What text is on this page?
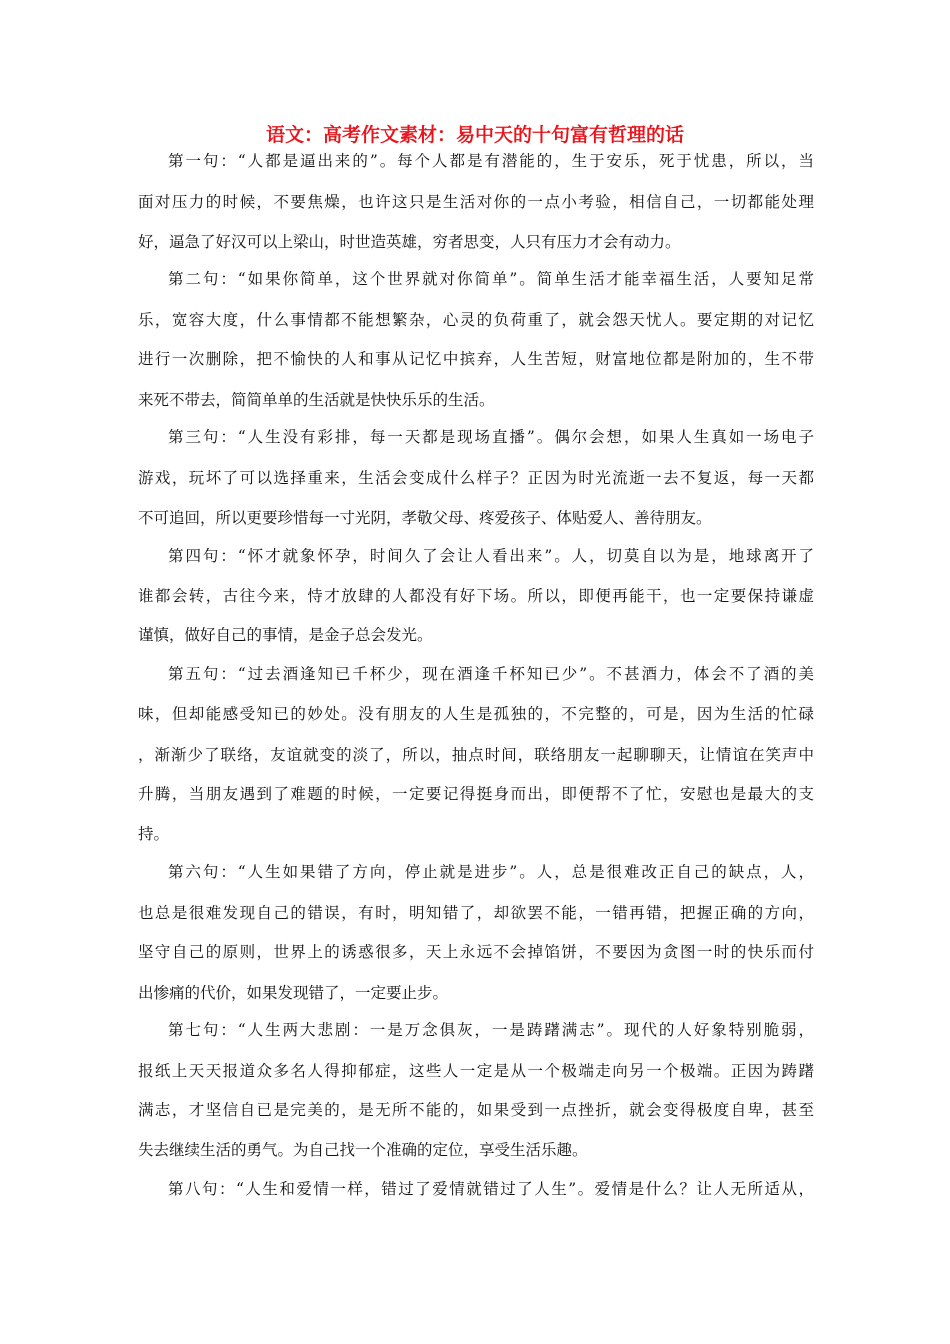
语文：高考作文素材：易中天的十句富有哲理的话
第一句：“人都是逼出来的”。每个人都是有潜能的，生于安乐，死于忧患，所以，当
面对压力的时候，不要焦燥，也许这只是生活对你的一点小考验，相信自己，一切都能处理
好，逼急了好汉可以上梁山，时世造英雄，穷者思变，人只有压力才会有动力。
第二句：“如果你简单，这个世界就对你简单”。简单生活才能幸福生活，人要知足常
乐，宽容大度，什么事情都不能想繁杂，心灵的负荷重了，就会怨天忧人。要定期的对记忆
进行一次删除，把不愉快的人和事从记忆中摈弃，人生苦短，财富地位都是附加的，生不带
来死不带去，简简单单的生活就是快快乐乐的生活。
第三句：“人生没有彩排，每一天都是现场直播”。偶尔会想，如果人生真如一场电子
游戏，玩坏了可以选择重来，生活会变成什么样子？正因为时光流逝一去不复返，每一天都
不可追回，所以更要珍惜每一寸光阴，孝敬父母、疼爱孩子、体贴爱人、善待朋友。
第四句：“怀才就象怀孕，时间久了会让人看出来”。人，切莫自以为是，地球离开了
谁都会转，古往今来，恃才放肆的人都没有好下场。所以，即便再能干，也一定要保持谦虚
谨慎，做好自己的事情，是金子总会发光。
第五句：“过去酒逢知已千杯少，现在酒逢千杯知已少”。不甚酒力，体会不了酒的美
味，但却能感受知已的妙处。没有朋友的人生是孤独的，不完整的，可是，因为生活的忙碌
，渐渐少了联络，友谊就变的淡了，所以，抽点时间，联络朋友一起聊聊天，让情谊在笑声中
升腾，当朋友遇到了难题的时候，一定要记得挺身而出，即便帮不了忙，安慰也是最大的支
持。
第六句：“人生如果错了方向，停止就是进步”。人，总是很难改正自己的缺点，人，
也总是很难发现自己的错误，有时，明知错了，却欲罢不能，一错再错，把握正确的方向，
坚守自己的原则，世界上的诱惑很多，天上永远不会掉馅饼，不要因为贪图一时的快乐而付
出惨痛的代价，如果发现错了，一定要止步。
第七句：“人生两大悲剧：一是万念俱灰，一是踌躇满志”。现代的人好象特别脆弱，
报纸上天天报道众多名人得抑郁症，这些人一定是从一个极端走向另一个极端。正因为踌躇
满志，才坚信自已是完美的，是无所不能的，如果受到一点挫折，就会变得极度自卑，甚至
失去继续生活的勇气。为自己找一个准确的定位，享受生活乐趣。
第八句：“人生和爱情一样，错过了爱情就错过了人生”。爱情是什么？让人无所适从，
